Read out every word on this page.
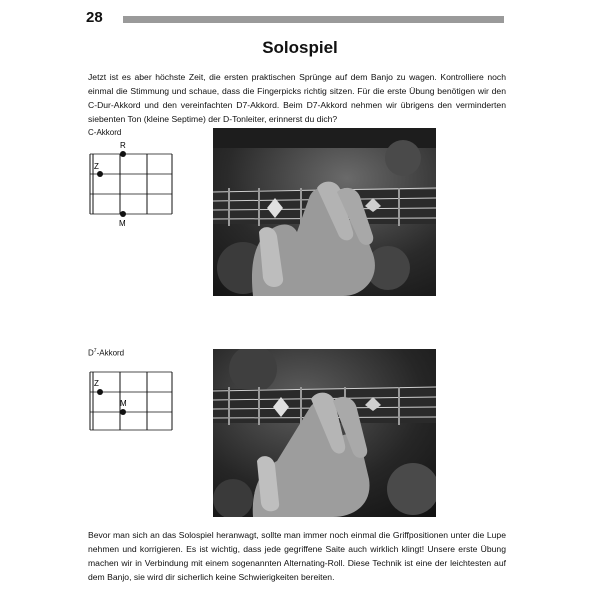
28
Solospiel

Jetzt ist es aber höchste Zeit, die ersten praktischen Sprünge auf dem Banjo zu wagen. Kontrolliere noch einmal die Stimmung und schaue, dass die Fingerpicks richtig sitzen. Für die erste Übung benötigen wir den C-Dur-Akkord und den vereinfachten D7-Akkord. Beim D7-Akkord nehmen wir übrigens den verminderten siebenten Ton (kleine Septime) der D-Tonleiter, erinnerst du dich?

C-Akkord
R
Z
M
$D^7$-Akkord
Z
M

Bevor man sich an das Solospiel heranwagt, sollte man immer noch einmal die Griffpositionen unter die Lupe nehmen und korrigieren. Es ist wichtig, dass jede gegriffene Saite auch wirklich klingt! Unsere erste Übung machen wir in Verbindung mit einem sogenannten Alternating-Roll. Diese Technik ist eine der leichtesten auf dem Banjo, sie wird dir sicherlich keine Schwierigkeiten bereiten.
